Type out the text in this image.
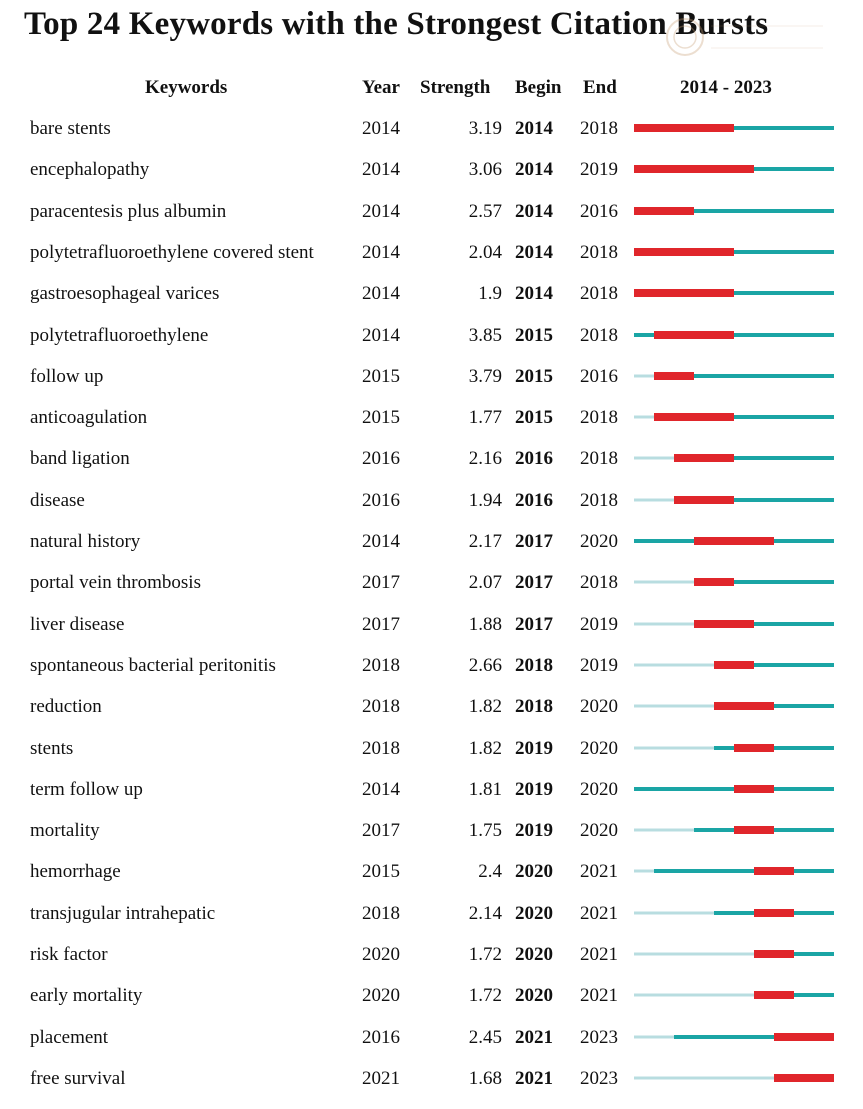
Top 24 Keywords with the Strongest Citation Bursts
Keywords	Year Strength Begin End	2014 - 2023
bare stents	2014	3.19 2014 2018
encephalopathy	2014	3.06 2014 2019
paracentesis plus albumin	2014	2.57 2014 2016
polytetrafluoroethylene covered stent	2014	2.04 2014 2018
gastroesophageal varices	2014	1.9 2014 2018
polytetrafluoroethylene	2014	3.85 2015 2018
follow up	2015	3.79 2015 2016
anticoagulation	2015	1.77 2015 2018
band ligation	2016	2.16 2016 2018
disease	2016	1.94 2016 2018
natural history	2014	2.17 2017 2020
portal vein thrombosis	2017	2.07 2017 2018
liver disease	2017	1.88 2017 2019
spontaneous bacterial peritonitis	2018	2.66 2018 2019
reduction	2018	1.82 2018 2020
stents	2018	1.82 2019 2020
term follow up	2014	1.81 2019 2020
mortality	2017	1.75 2019 2020
hemorrhage	2015	2.4 2020 2021
transjugular intrahepatic	2018	2.14 2020 2021
risk factor	2020	1.72 2020 2021
early mortality	2020	1.72 2020 2021
placement	2016	2.45 2021 2023
free survival	2021	1.68 2021 2023
